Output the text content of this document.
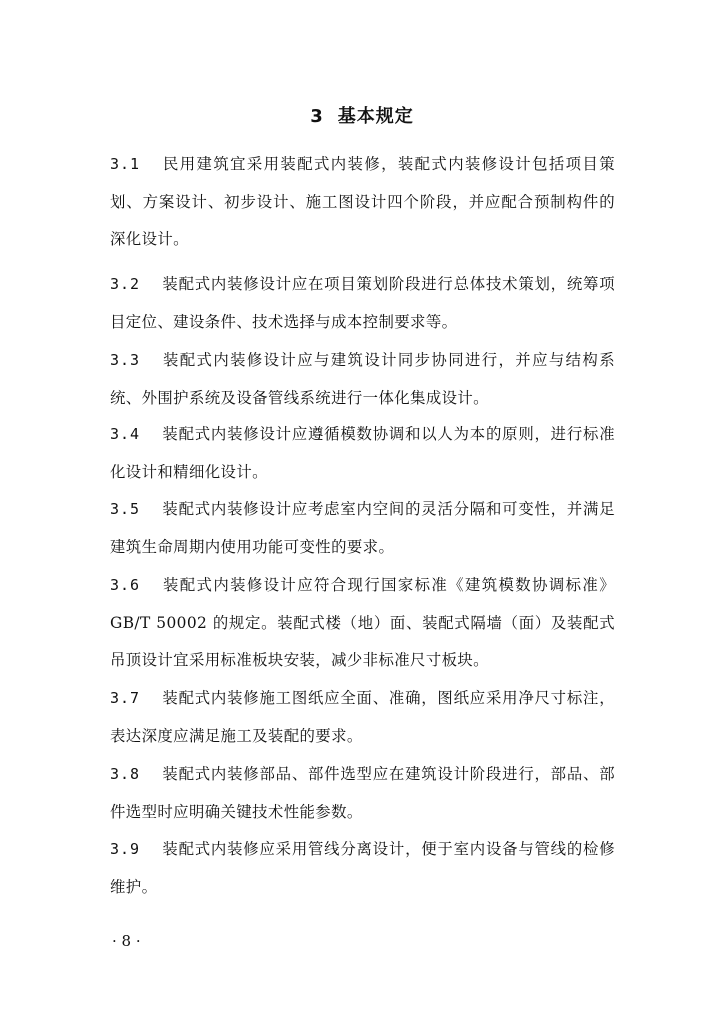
3 基本规定
3.1 民用建筑宜采用装配式内装修，装配式内装修设计包括项目策划、方案设计、初步设计、施工图设计四个阶段，并应配合预制构件的深化设计。
3.2 装配式内装修设计应在项目策划阶段进行总体技术策划，统筹项目定位、建设条件、技术选择与成本控制要求等。
3.3 装配式内装修设计应与建筑设计同步协同进行，并应与结构系统、外围护系统及设备管线系统进行一体化集成设计。
3.4 装配式内装修设计应遵循模数协调和以人为本的原则，进行标准化设计和精细化设计。
3.5 装配式内装修设计应考虑室内空间的灵活分隔和可变性，并满足建筑生命周期内使用功能可变性的要求。
3.6 装配式内装修设计应符合现行国家标准《建筑模数协调标准》GB/T 50002 的规定。装配式楼（地）面、装配式隔墙（面）及装配式吊顶设计宜采用标准板块安装，减少非标准尺寸板块。
3.7 装配式内装修施工图纸应全面、准确，图纸应采用净尺寸标注，表达深度应满足施工及装配的要求。
3.8 装配式内装修部品、部件选型应在建筑设计阶段进行，部品、部件选型时应明确关键技术性能参数。
3.9 装配式内装修应采用管线分离设计，便于室内设备与管线的检修维护。
· 8 ·
